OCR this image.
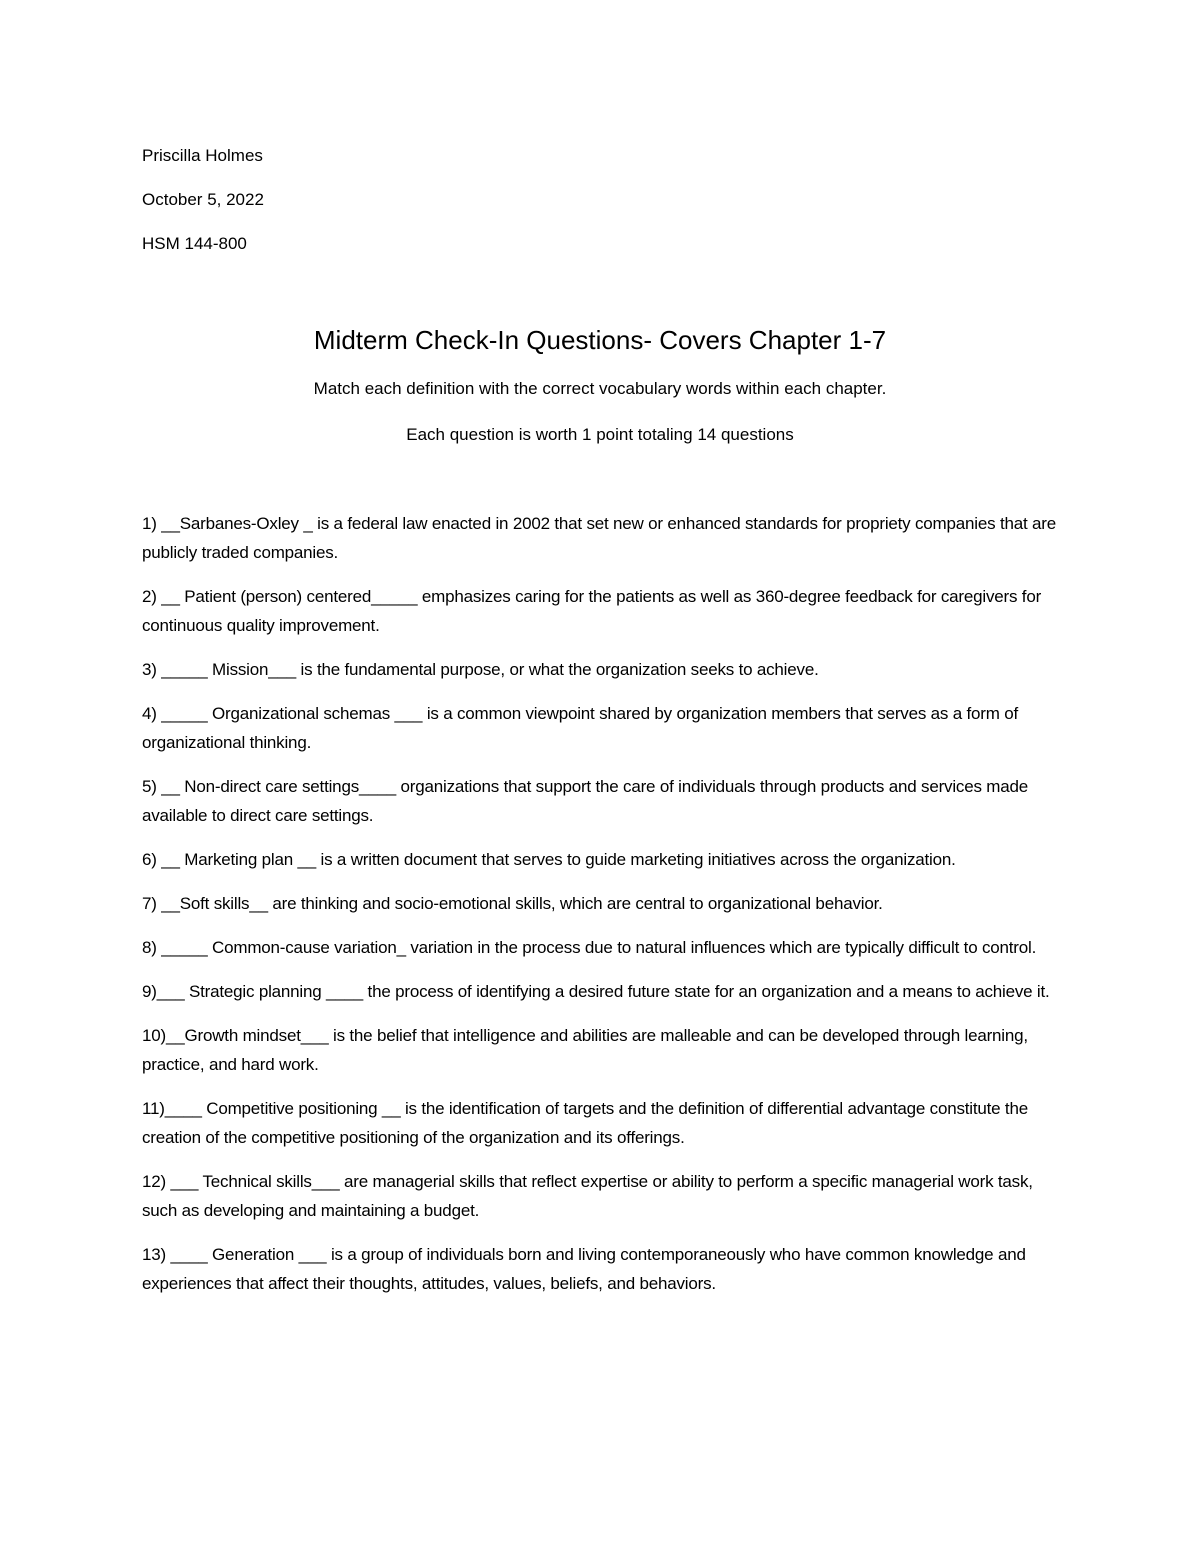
Priscilla Holmes
October 5, 2022
HSM 144-800
Midterm Check-In Questions- Covers Chapter 1-7
Match each definition with the correct vocabulary words within each chapter.
Each question is worth 1 point totaling 14 questions

1) __Sarbanes-Oxley _ is a federal law enacted in 2002 that set new or enhanced standards for propriety companies that are publicly traded companies.

2) __ Patient (person) centered_____ emphasizes caring for the patients as well as 360-degree feedback for caregivers for continuous quality improvement.

3) _____ Mission___ is the fundamental purpose, or what the organization seeks to achieve.

4) _____ Organizational schemas ___ is a common viewpoint shared by organization members that serves as a form of organizational thinking.

5) __ Non-direct care settings____ organizations that support the care of individuals through products and services made available to direct care settings.

6) __ Marketing plan __ is a written document that serves to guide marketing initiatives across the organization.

7) __Soft skills__ are thinking and socio-emotional skills, which are central to organizational behavior.

8) _____ Common-cause variation_ variation in the process due to natural influences which are typically difficult to control.

9)___ Strategic planning ____ the process of identifying a desired future state for an organization and a means to achieve it.

10)__Growth mindset___ is the belief that intelligence and abilities are malleable and can be developed through learning, practice, and hard work.

11)____ Competitive positioning __ is the identification of targets and the definition of differential advantage constitute the creation of the competitive positioning of the organization and its offerings.

12) ___ Technical skills___ are managerial skills that reflect expertise or ability to perform a specific managerial work task, such as developing and maintaining a budget.

13) ____ Generation ___ is a group of individuals born and living contemporaneously who have common knowledge and experiences that affect their thoughts, attitudes, values, beliefs, and behaviors.
